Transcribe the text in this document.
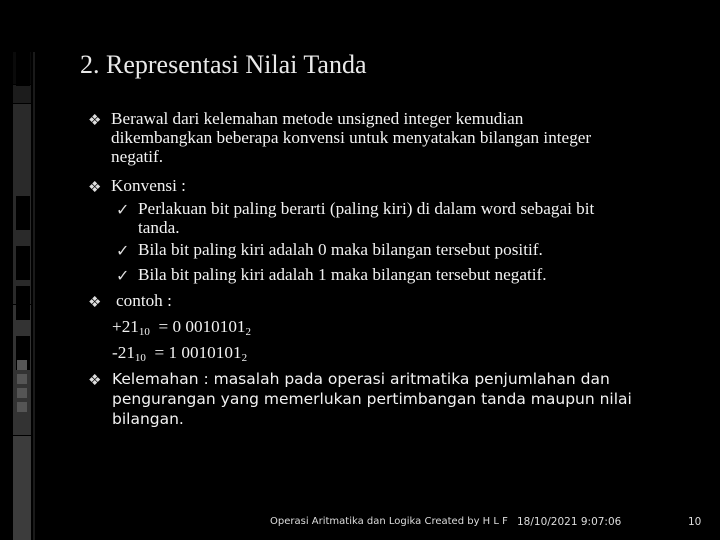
2. Representasi Nilai Tanda
❖ Berawal dari kelemahan metode unsigned integer kemudian
dikembangkan beberapa konvensi untuk menyatakan bilangan integer
negatif.
❖ Konvensi :
✓ Perlakuan bit paling berarti (paling kiri) di dalam word sebagai bit
tanda.
✓ Bila bit paling kiri adalah 0 maka bilangan tersebut positif.
✓ Bila bit paling kiri adalah 1 maka bilangan tersebut negatif.
❖ contoh :
$+21_{10} = 0$ $0010101_2$
$-21_{10} = 1$ $0010101_2$
❖ Kelemahan : masalah pada operasi aritmatika penjumlahan dan
pengurangan yang memerlukan pertimbangan tanda maupun nilai
bilangan.
Operasi Aritmatika dan Logika Created by H L F 18/10/2021 9:07:06	10
